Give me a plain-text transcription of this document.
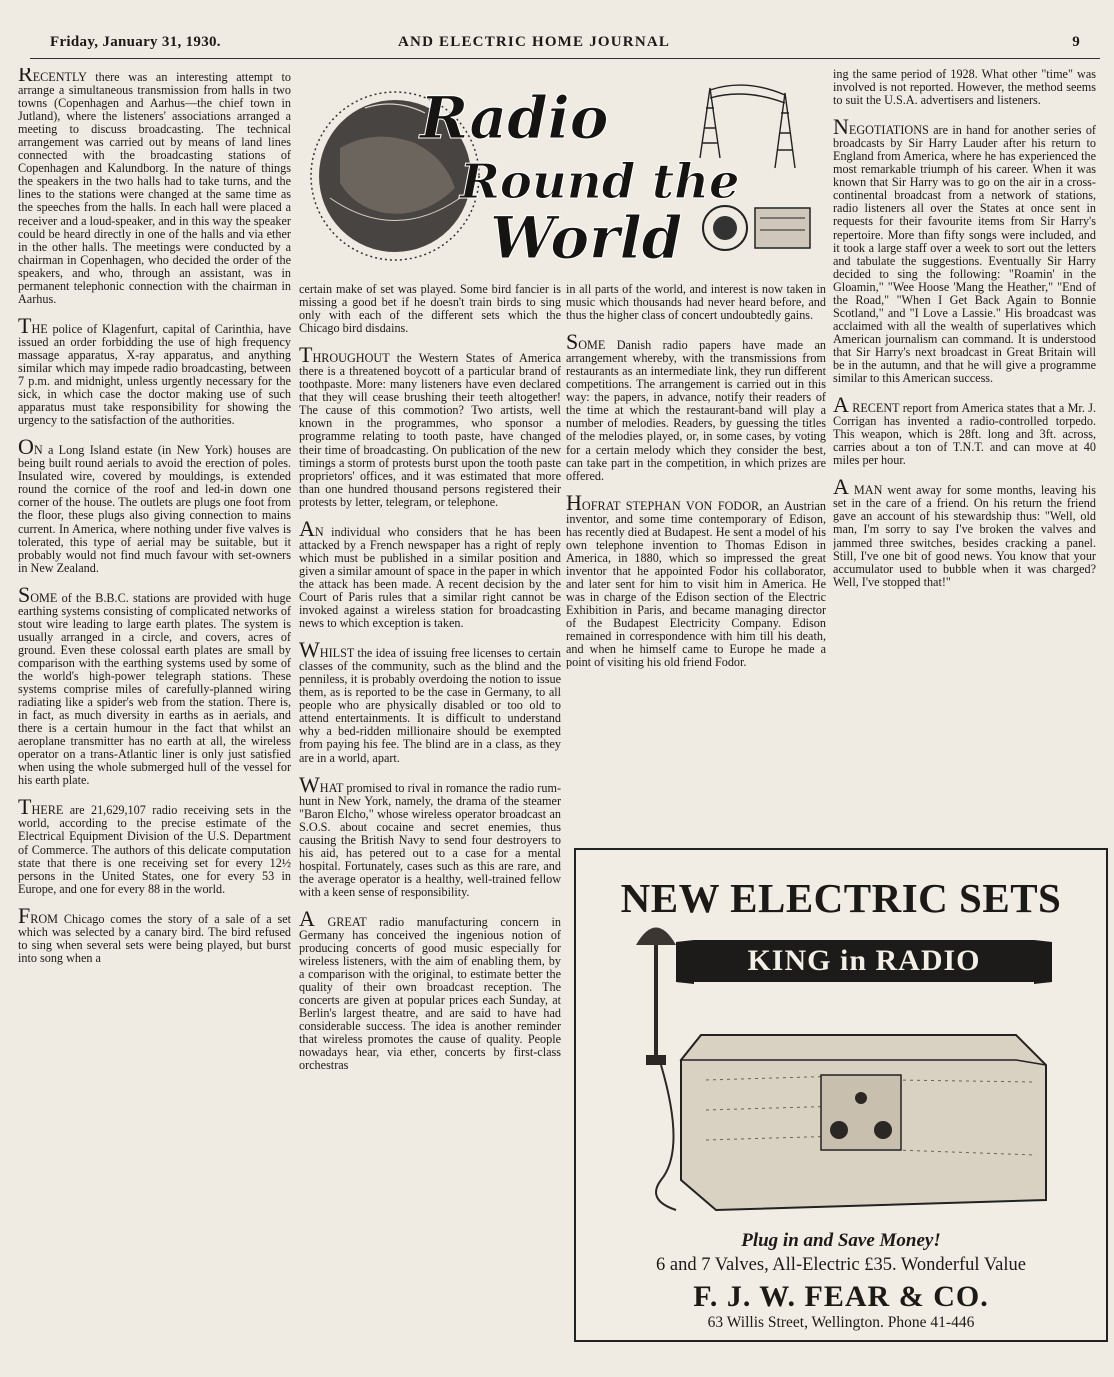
Friday, January 31, 1930.	AND ELECTRIC HOME JOURNAL	9

RECENTLY there was an interesting attempt to arrange a simultaneous transmission from halls in two towns (Copenhagen and Aarhus—the chief town in Jutland), where the listeners' associations arranged a meeting to discuss broadcasting. The technical arrangement was carried out by means of land lines connected with the broadcasting stations of Copenhagen and Kalundborg. In the nature of things the speakers in the two halls had to take turns, and the lines to the stations were changed at the same time as the speeches from the halls. In each hall were placed a receiver and a loud-speaker, and in this way the speaker could be heard directly in one of the halls and via ether in the other halls. The meetings were conducted by a chairman in Copenhagen, who decided the order of the speakers, and who, through an assistant, was in permanent telephonic connection with the chairman in Aarhus.

THE police of Klagenfurt, capital of Carinthia, have issued an order forbidding the use of high frequency massage apparatus, X-ray apparatus, and anything similar which may impede radio broadcasting, between 7 p.m. and midnight, unless urgently necessary for the sick, in which case the doctor making use of such apparatus must take responsibility for showing the urgency to the satisfaction of the authorities.

ON a Long Island estate (in New York) houses are being built round aerials to avoid the erection of poles. Insulated wire, covered by mouldings, is extended round the cornice of the roof and led-in down one corner of the house. The outlets are plugs one foot from the floor, these plugs also giving connection to mains current. In America, where nothing under five valves is tolerated, this type of aerial may be suitable, but it probably would not find much favour with set-owners in New Zealand.

SOME of the B.B.C. stations are provided with huge earthing systems consisting of complicated networks of stout wire leading to large earth plates. The system is usually arranged in a circle, and covers, acres of ground. Even these colossal earth plates are small by comparison with the earthing systems used by some of the world's high-power telegraph stations. These systems comprise miles of carefully-planned wiring radiating like a spider's web from the station. There is, in fact, as much diversity in earths as in aerials, and there is a certain humour in the fact that whilst an aeroplane transmitter has no earth at all, the wireless operator on a trans-Atlantic liner is only just satisfied when using the whole submerged hull of the vessel for his earth plate.

THERE are 21,629,107 radio receiving sets in the world, according to the precise estimate of the Electrical Equipment Division of the U.S. Department of Commerce. The authors of this delicate computation state that there is one receiving set for every 12½ persons in the United States, one for every 53 in Europe, and one for every 88 in the world.

FROM Chicago comes the story of a sale of a set which was selected by a canary bird. The bird refused to sing when several sets were being played, but burst into song when a

Radio
Round the
World

certain make of set was played. Some bird fancier is missing a good bet if he doesn't train birds to sing only with each of the different sets which the Chicago bird disdains.

THROUGHOUT the Western States of America there is a threatened boycott of a particular brand of toothpaste. More: many listeners have even declared that they will cease brushing their teeth altogether! The cause of this commotion? Two artists, well known in the programmes, who sponsor a programme relating to tooth paste, have changed their time of broadcasting. On publication of the new timings a storm of protests burst upon the tooth paste proprietors' offices, and it was estimated that more than one hundred thousand persons registered their protests by letter, telegram, or telephone.

AN individual who considers that he has been attacked by a French newspaper has a right of reply which must be published in a similar position and given a similar amount of space in the paper in which the attack has been made. A recent decision by the Court of Paris rules that a similar right cannot be invoked against a wireless station for broadcasting news to which exception is taken.

WHILST the idea of issuing free licenses to certain classes of the community, such as the blind and the penniless, it is probably overdoing the notion to issue them, as is reported to be the case in Germany, to all people who are physically disabled or too old to attend entertainments. It is difficult to understand why a bed-ridden millionaire should be exempted from paying his fee. The blind are in a class, as they are in a world, apart.

WHAT promised to rival in romance the radio rum-hunt in New York, namely, the drama of the steamer "Baron Elcho," whose wireless operator broadcast an S.O.S. about cocaine and secret enemies, thus causing the British Navy to send four destroyers to his aid, has petered out to a case for a mental hospital. Fortunately, cases such as this are rare, and the average operator is a healthy, well-trained fellow with a keen sense of responsibility.

A GREAT radio manufacturing concern in Germany has conceived the ingenious notion of producing concerts of good music especially for wireless listeners, with the aim of enabling them, by a comparison with the original, to estimate better the quality of their own broadcast reception. The concerts are given at popular prices each Sunday, at Berlin's largest theatre, and are said to have had considerable success. The idea is another reminder that wireless promotes the cause of quality. People nowadays hear, via ether, concerts by first-class orchestras

in all parts of the world, and interest is now taken in music which thousands had never heard before, and thus the higher class of concert undoubtedly gains.

SOME Danish radio papers have made an arrangement whereby, with the transmissions from restaurants as an intermediate link, they run different competitions. The arrangement is carried out in this way: the papers, in advance, notify their readers of the time at which the restaurant-band will play a number of melodies. Readers, by guessing the titles of the melodies played, or, in some cases, by voting for a certain melody which they consider the best, can take part in the competition, in which prizes are offered.

HOFRAT STEPHAN VON FODOR, an Austrian inventor, and some time contemporary of Edison, has recently died at Budapest. He sent a model of his own telephone invention to Thomas Edison in America, in 1880, which so impressed the great inventor that he appointed Fodor his collaborator, and later sent for him to visit him in America. He was in charge of the Edison section of the Electric Exhibition in Paris, and became managing director of the Budapest Electricity Company. Edison remained in correspondence with him till his death, and when he himself came to Europe he made a point of visiting his old friend Fodor.

ing the same period of 1928. What other "time" was involved is not reported. However, the method seems to suit the U.S.A. advertisers and listeners.

NEGOTIATIONS are in hand for another series of broadcasts by Sir Harry Lauder after his return to England from America, where he has experienced the most remarkable triumph of his career. When it was known that Sir Harry was to go on the air in a cross-continental broadcast from a network of stations, radio listeners all over the States at once sent in requests for their favourite items from Sir Harry's repertoire. More than fifty songs were included, and it took a large staff over a week to sort out the letters and tabulate the suggestions. Eventually Sir Harry decided to sing the following: "Roamin' in the Gloamin," "Wee Hoose 'Mang the Heather," "End of the Road," "When I Get Back Again to Bonnie Scotland," and "I Love a Lassie." His broadcast was acclaimed with all the wealth of superlatives which American journalism can command. It is understood that Sir Harry's next broadcast in Great Britain will be in the autumn, and that he will give a programme similar to this American success.

A RECENT report from America states that a Mr. J. Corrigan has invented a radio-controlled torpedo. This weapon, which is 28ft. long and 3ft. across, carries about a ton of T.N.T. and can move at 40 miles per hour.

A MAN went away for some months, leaving his set in the care of a friend. On his return the friend gave an account of his stewardship thus: "Well, old man, I'm sorry to say I've broken the valves and jammed three switches, besides cracking a panel. Still, I've one bit of good news. You know that your accumulator used to bubble when it was charged? Well, I've stopped that!"

NEW ELECTRIC SETS
KING in RADIO
Plug in and Save Money!
6 and 7 Valves, All-Electric £35. Wonderful Value
F. J. W. FEAR & CO.
63 Willis Street, Wellington. Phone 41-446
